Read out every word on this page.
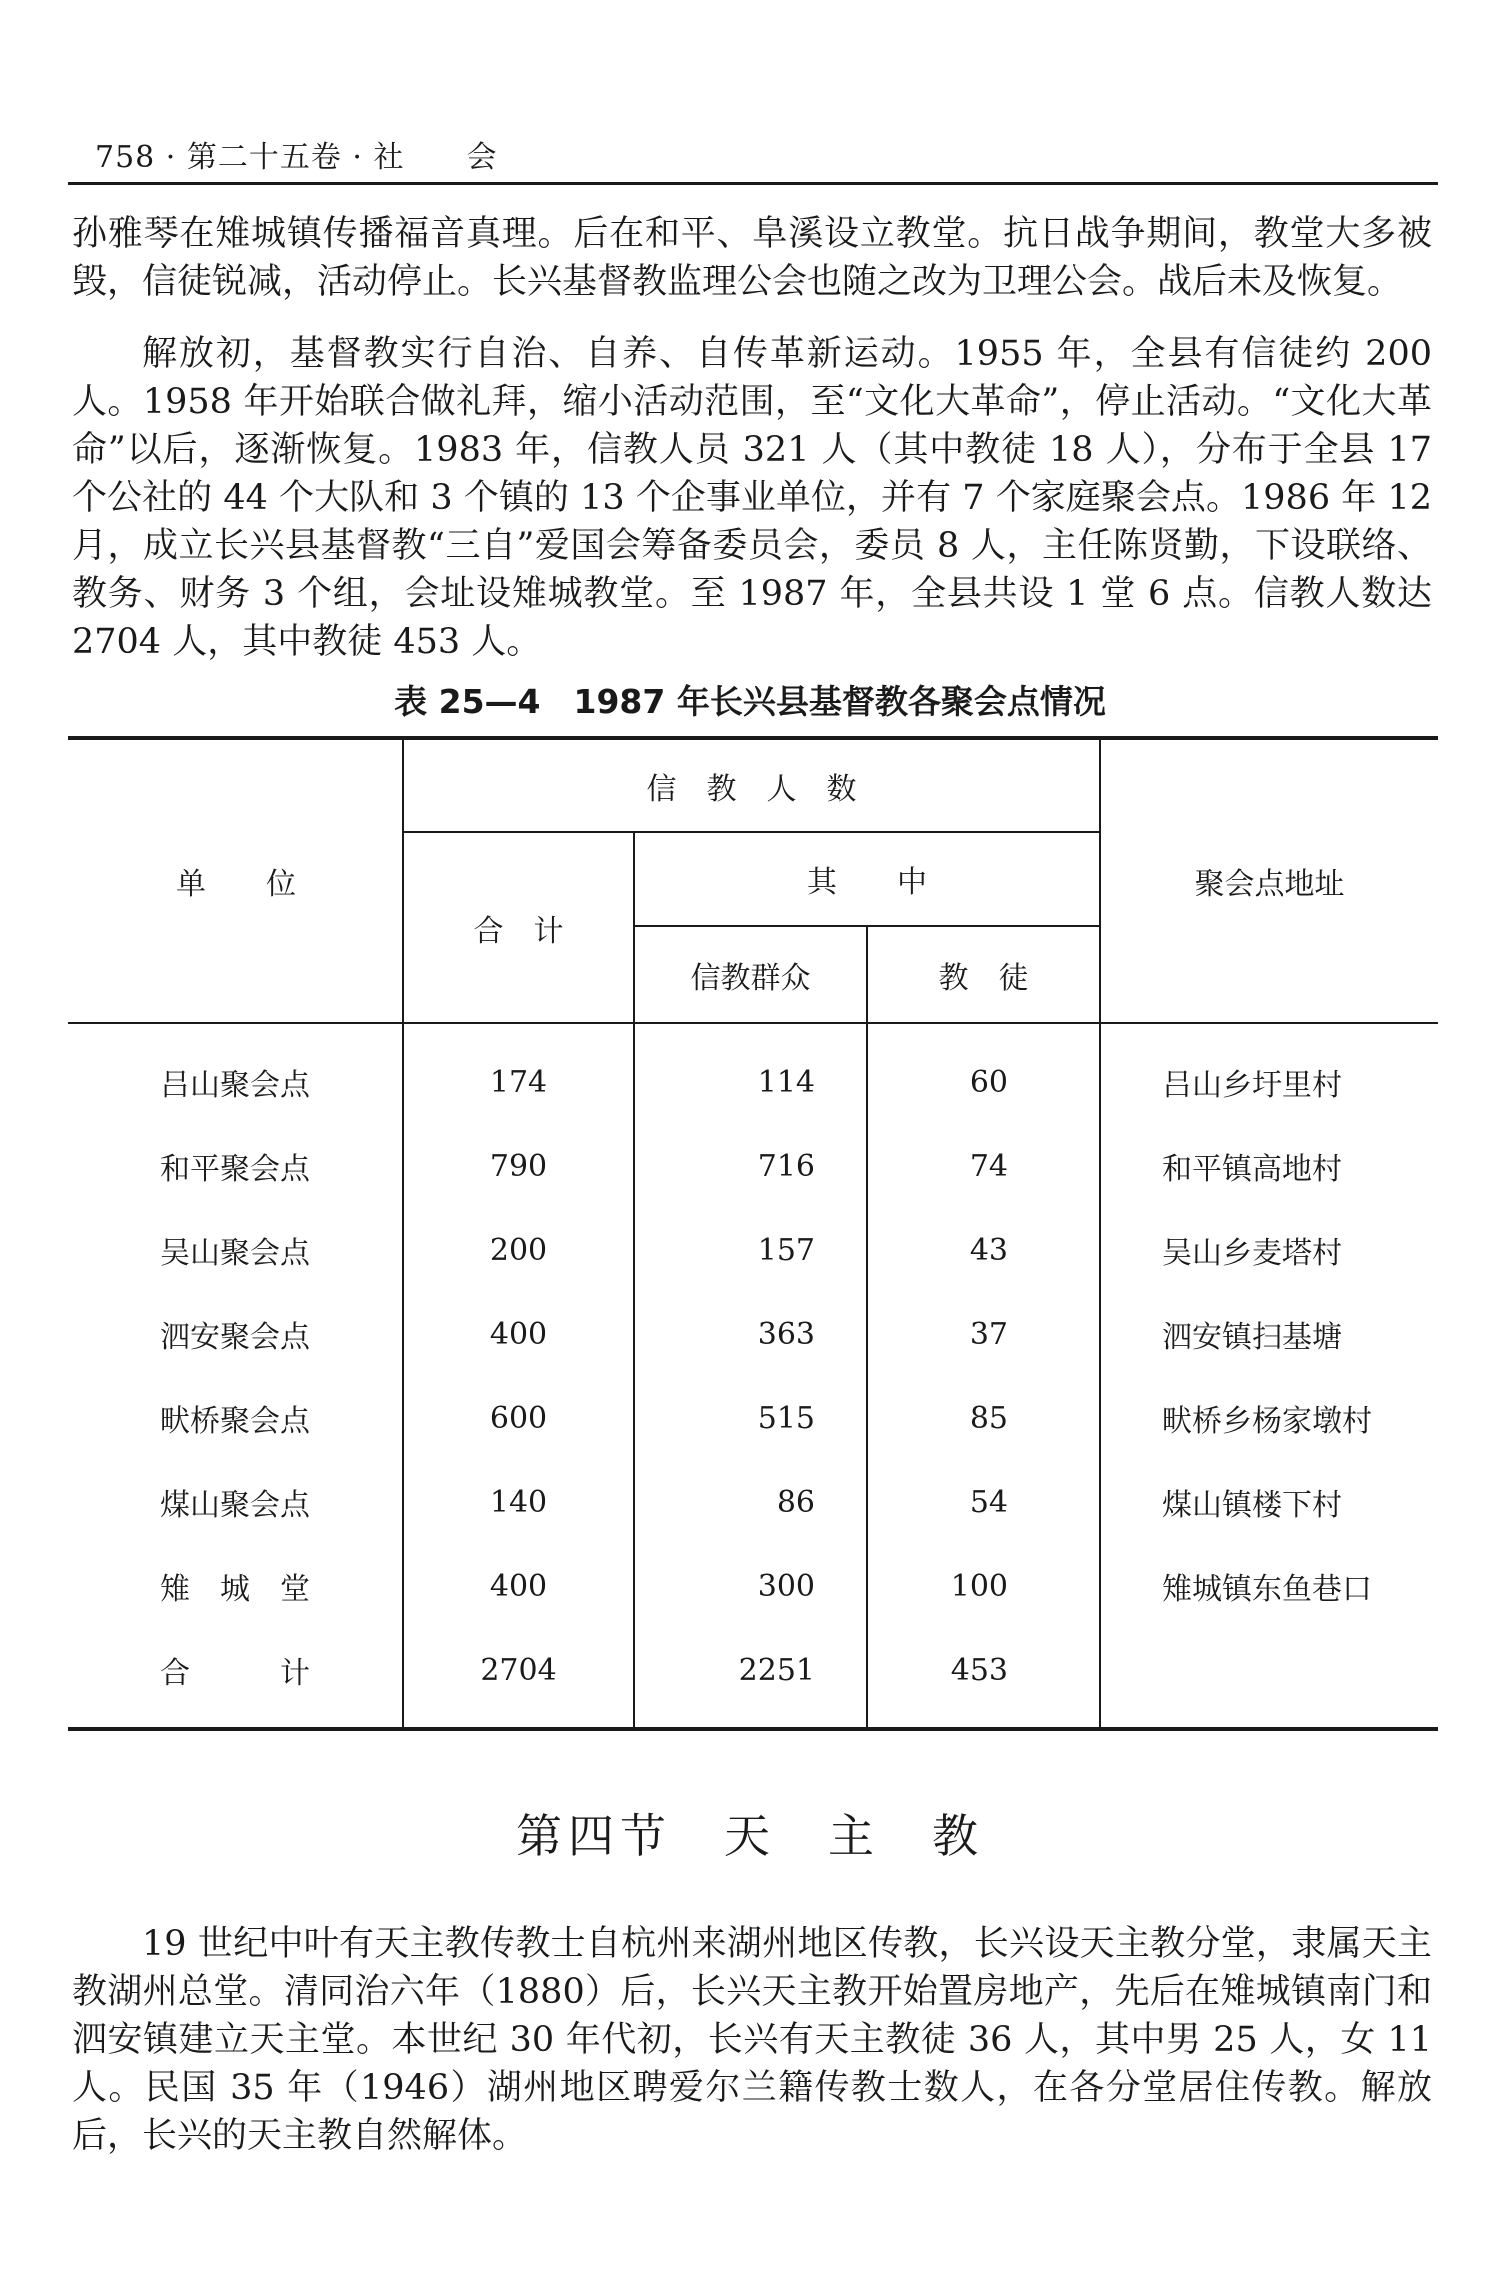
758 · 第二十五卷 · 社　　会

孙雅琴在雉城镇传播福音真理。后在和平、阜溪设立教堂。抗日战争期间，教堂大多被毁，信徒锐减，活动停止。长兴基督教监理公会也随之改为卫理公会。战后未及恢复。

解放初，基督教实行自治、自养、自传革新运动。1955 年，全县有信徒约 200 人。1958 年开始联合做礼拜，缩小活动范围，至“文化大革命”，停止活动。“文化大革命”以后，逐渐恢复。1983 年，信教人员 321 人（其中教徒 18 人），分布于全县 17 个公社的 44 个大队和 3 个镇的 13 个企事业单位，并有 7 个家庭聚会点。1986 年 12 月，成立长兴县基督教“三自”爱国会筹备委员会，委员 8 人，主任陈贤勤，下设联络、教务、财务 3 个组，会址设雉城教堂。至 1987 年，全县共设 1 堂 6 点。信教人数达 2704 人，其中教徒 453 人。

表 25—4　1987 年长兴县基督教各聚会点情况
单　　位
信　教　人　数
合　计
其　　中
信教群众	教　徒
聚会点地址
吕山聚会点	174	114	60	吕山乡圩里村
和平聚会点	790	716	74	和平镇高地村
吴山聚会点	200	157	43	吴山乡麦塔村
泗安聚会点	400	363	37	泗安镇扫基塘
畎桥聚会点	600	515	85	畎桥乡杨家墩村
煤山聚会点	140	86	54	煤山镇楼下村
雉　城　堂	400	300	100	雉城镇东鱼巷口
合　　　计	2704	2251	453
第四节　天　主　教

19 世纪中叶有天主教传教士自杭州来湖州地区传教，长兴设天主教分堂，隶属天主教湖州总堂。清同治六年（1880）后，长兴天主教开始置房地产，先后在雉城镇南门和泗安镇建立天主堂。本世纪 30 年代初，长兴有天主教徒 36 人，其中男 25 人，女 11 人。民国 35 年（1946）湖州地区聘爱尔兰籍传教士数人，在各分堂居住传教。解放后，长兴的天主教自然解体。
